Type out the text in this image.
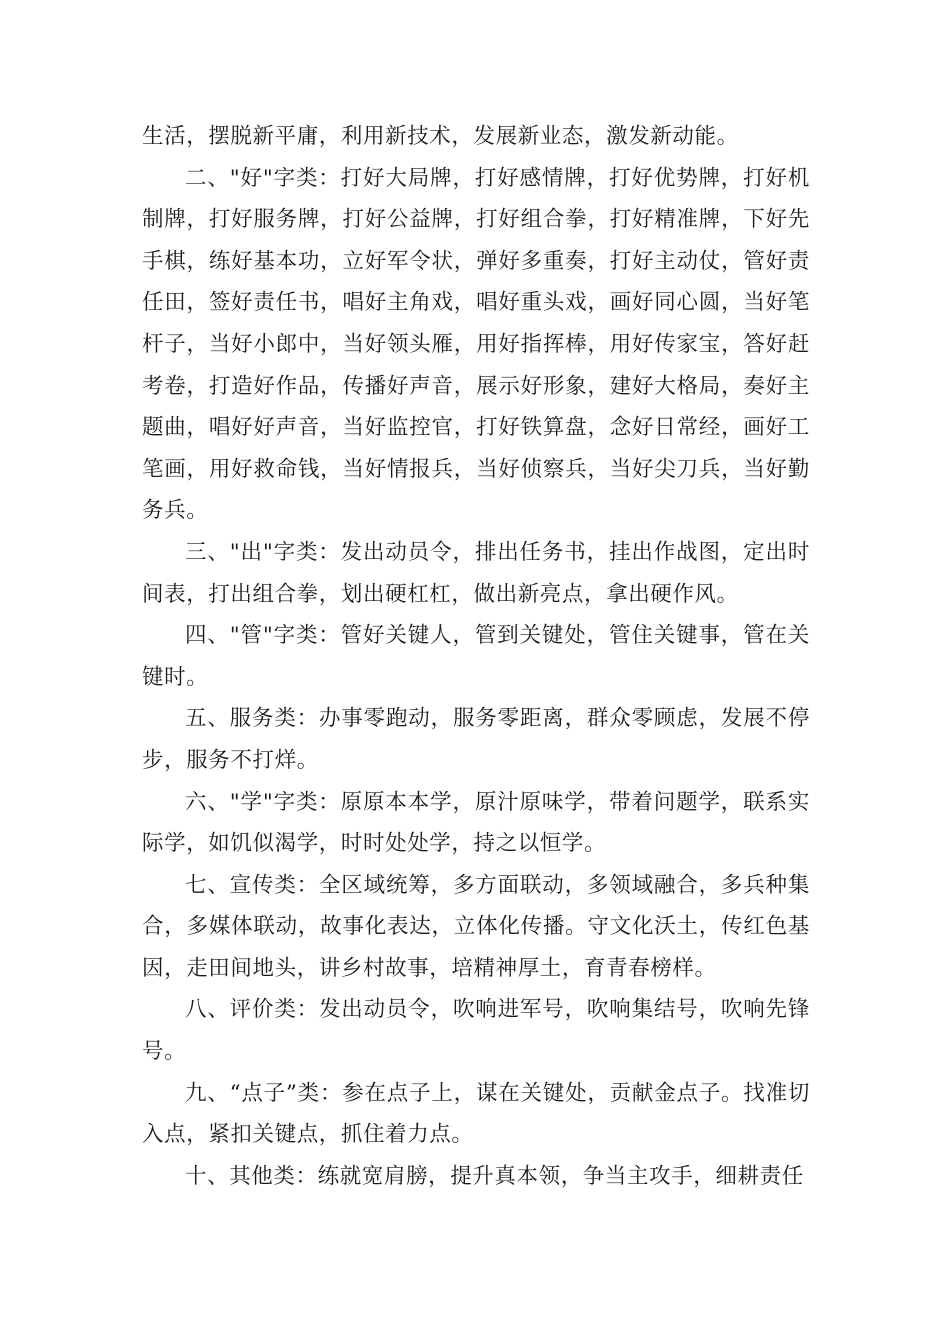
生活，摆脱新平庸，利用新技术，发展新业态，激发新动能。

二、"好"字类：打好大局牌，打好感情牌，打好优势牌，打好机制牌，打好服务牌，打好公益牌，打好组合拳，打好精准牌，下好先手棋，练好基本功，立好军令状，弹好多重奏，打好主动仗，管好责任田，签好责任书，唱好主角戏，唱好重头戏，画好同心圆，当好笔杆子，当好小郎中，当好领头雁，用好指挥棒，用好传家宝，答好赶考卷，打造好作品，传播好声音，展示好形象，建好大格局，奏好主题曲，唱好好声音，当好监控官，打好铁算盘，念好日常经，画好工笔画，用好救命钱，当好情报兵，当好侦察兵，当好尖刀兵，当好勤务兵。

三、"出"字类：发出动员令，排出任务书，挂出作战图，定出时间表，打出组合拳，划出硬杠杠，做出新亮点，拿出硬作风。

四、"管"字类：管好关键人，管到关键处，管住关键事，管在关键时。

五、服务类：办事零跑动，服务零距离，群众零顾虑，发展不停步，服务不打烊。

六、"学"字类：原原本本学，原汁原味学，带着问题学，联系实际学，如饥似渴学，时时处处学，持之以恒学。

七、宣传类：全区域统筹，多方面联动，多领域融合，多兵种集合，多媒体联动，故事化表达，立体化传播。守文化沃土，传红色基因，走田间地头，讲乡村故事，培精神厚土，育青春榜样。

八、评价类：发出动员令，吹响进军号，吹响集结号，吹响先锋号。

九、“点子”类：参在点子上，谋在关键处，贡献金点子。找准切入点，紧扣关键点，抓住着力点。

十、其他类：练就宽肩膀，提升真本领，争当主攻手，细耕责任
